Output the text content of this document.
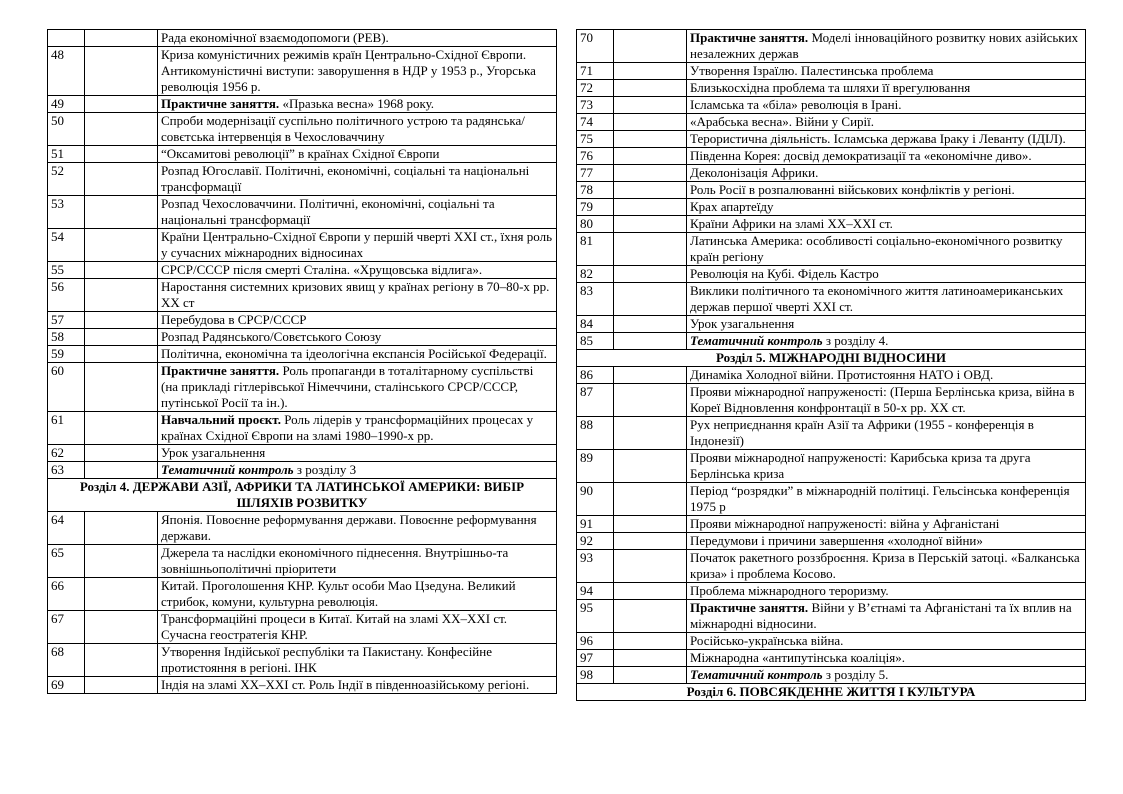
		Рада економічної взаємодопомоги (РЕВ).
48		Криза комуністичних режимів країн Центрально-Східної Європи. Антикомуністичні виступи: заворушення в НДР у 1953 р., Угорська революція 1956 р.
49		Практичне заняття. «Празька весна» 1968 року.
50		Спроби модернізації суспільно політичного устрою та радянська/совєтська інтервенція в Чехословаччину
51		“Оксамитові революції” в країнах Східної Європи
52		Розпад Югославії. Політичні, економічні, соціальні та національні трансформації
53		Розпад Чехословаччини. Політичні, економічні, соціальні та національні трансформації
54		Країни Центрально-Східної Європи у першій чверті ХХІ ст., їхня роль у сучасних міжнародних відносинах
55		СРСР/СССР після смерті Сталіна. «Хрущовська відлига».
56		Наростання системних кризових явищ у країнах регіону в 70–80-х рр. ХХ ст
57		Перебудова в СРСР/СССР
58		Розпад Радянського/Совєтського Союзу
59		Політична, економічна та ідеологічна експансія Російської Федерації.
60		Практичне заняття. Роль пропаганди в тоталітарному суспільстві (на прикладі гітлерівської Німеччини, сталінського СРСР/СССР, путінської Росії та ін.).
61		Навчальний проєкт. Роль лідерів у трансформаційних процесах у країнах Східної Європи на зламі 1980–1990-х рр.
62		Урок узагальнення
63		Тематичний контроль з розділу 3
Розділ 4. ДЕРЖАВИ АЗІЇ, АФРИКИ ТА ЛАТИНСЬКОЇ АМЕРИКИ: ВИБІР ШЛЯХІВ РОЗВИТКУ		
64		Японія. Повоєнне реформування держави. Повоєнне реформування держави.
65		Джерела та наслідки економічного піднесення. Внутрішньо-та зовнішньополітичні пріоритети
66		Китай. Проголошення КНР. Культ особи Мао Цзедуна. Великий стрибок, комуни, культурна революція.
67		Трансформаційні процеси в Китаї. Китай на зламі ХХ–ХХІ ст. Сучасна геостратегія КНР.
68		Утворення Індійської республіки та Пакистану. Конфесійне протистояння в регіоні. ІНК
69		Індія на зламі ХХ–ХХІ ст. Роль Індії в південноазійському регіоні.
70		Практичне заняття. Моделі інноваційного розвитку нових азійських незалежних держав
71		Утворення Ізраїлю. Палестинська проблема
72		Близькосхідна проблема та шляхи її врегулювання
73		Ісламська та «біла» революція в Ірані.
74		«Арабська весна». Війни у Сирії.
75		Терористична діяльність. Ісламська держава Іраку і Леванту (ІДІЛ).
76		Південна Корея: досвід демократизації та «економічне диво».
77		Деколонізація Африки.
78		Роль Росії в розпалюванні військових конфліктів у регіоні.
79		Крах апартеїду
80		Країни Африки на зламі ХХ–ХХІ ст.
81		Латинська Америка: особливості соціально-економічного розвитку країн регіону
82		Революція на Кубі. Фідель Кастро
83		Виклики політичного та економічного життя латиноамериканських держав першої чверті ХХІ ст.
84		Урок узагальнення
85		Тематичний контроль з розділу 4.
Розділ 5. МІЖНАРОДНІ ВІДНОСИНИ		
86		Динаміка Холодної війни. Протистояння НАТО і ОВД.
87		Прояви міжнародної напруженості: (Перша Берлінська криза, війна в Кореї Відновлення конфронтації в 50-х рр. ХХ ст.
88		Рух неприєднання країн Азії та Африки (1955 - конференція в Індонезії)
89		Прояви міжнародної напруженості: Карибська криза та друга Берлінська криза
90		Період “розрядки” в міжнародній політиці. Гельсінська конференція 1975 р
91		Прояви міжнародної напруженості: війна у Афганістані
92		Передумови і причини завершення «холодної війни»
93		Початок ракетного роззброєння. Криза в Перській затоці. «Балканська криза» і проблема Косово.
94		Проблема міжнародного тероризму.
95		Практичне заняття. Війни у В’єтнамі та Афганістані та їх вплив на міжнародні відносини.
96		Російсько-українська війна.
97		Міжнародна «антипутінська коаліція».
98		Тематичний контроль з розділу 5.
Розділ 6. ПОВСЯКДЕННЕ ЖИТТЯ І КУЛЬТУРА		
